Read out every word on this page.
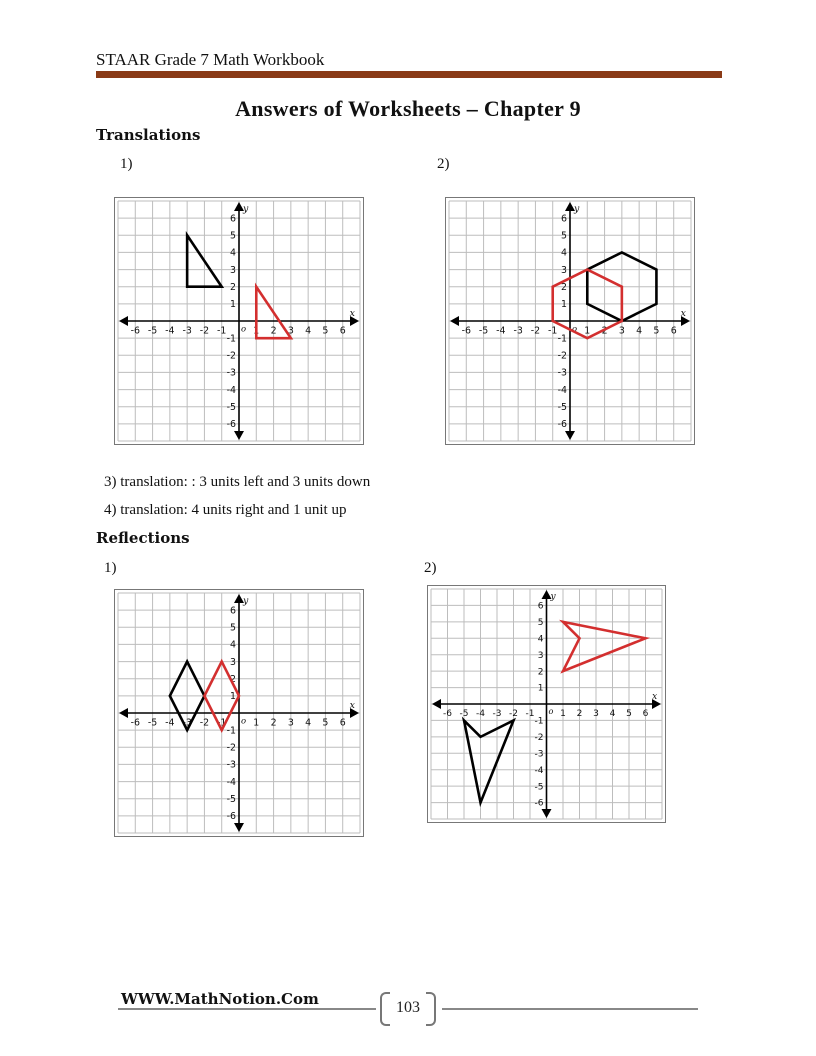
STAAR Grade 7 Math Workbook
Answers of Worksheets – Chapter 9
Translations
1)	2)
-6 -5 -4 -3 -2 -1	1 2 3 4 5 6
6
5
4
3
2
1
-1
-2
-3
-4
-5
-6
o
x
y
-6 -5 -4 -3 -2 -1	1 2 3 4 5 6
6
5
4
3
2
1
-1
-2
-3
-4
-5
-6
o
x
y
3) translation: : 3 units left and 3 units down
4) translation: 4 units right and 1 unit up
Reflections
1)	2)
-6 -5 -4 -3 -2 -1	1 2 3 4 5 6
6
5
4
3
2
1
-1
-2
-3
-4
-5
-6
o
x
y
-6 -5 -4 -3 -2 -1	1 2 3 4 5 6
6
5
4
3
2
1
-1
-2
-3
-4
-5
-6
o
x
y
WWW.MathNotion.Com	103
